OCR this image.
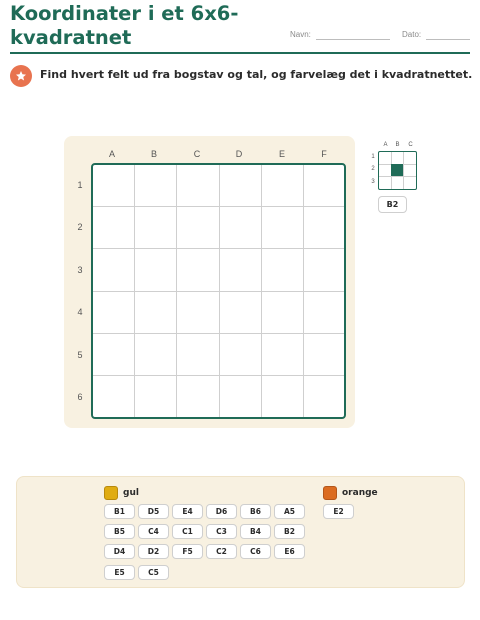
Koordinater i et 6x6-kvadratnet	Navn:	Dato:
Find hvert felt ud fra bogstav og tal, og farvelæg det i kvadratnettet.
A	B	C	D	E	F
1
2
3
4
5
6
A	B	C
1
2
3
B2
gul	orange
B1	D5	E4	D6	B6	A5
B5	C4	C1	C3	B4	B2
D4	D2	F5	C2	C6	E6
E5	C5
E2
